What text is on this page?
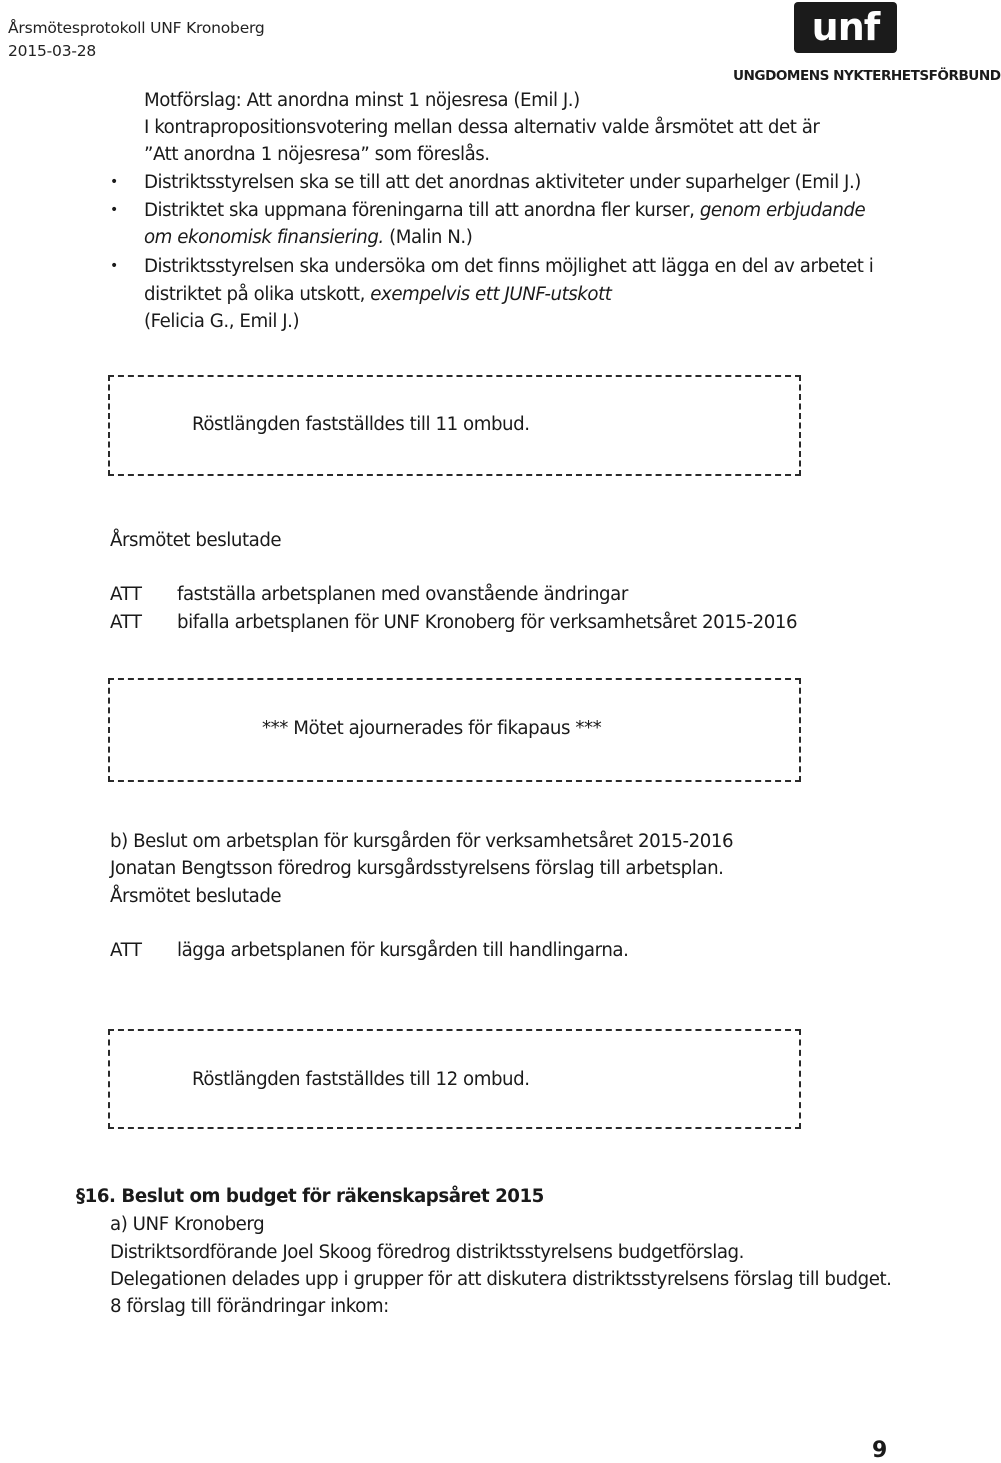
Årsmötesprotokoll UNF Kronoberg
2015-03-28
unf
UNGDOMENS NYKTERHETSFÖRBUND
Motförslag: Att anordna minst 1 nöjesresa (Emil J.)
I kontrapropositionsvotering mellan dessa alternativ valde årsmötet att det är
”Att anordna 1 nöjesresa” som föreslås.
• Distriktsstyrelsen ska se till att det anordnas aktiviteter under suparhelger (Emil J.)
• Distriktet ska uppmana föreningarna till att anordna fler kurser, genom erbjudande
om ekonomisk finansiering. (Malin N.)
• Distriktsstyrelsen ska undersöka om det finns möjlighet att lägga en del av arbetet i
distriktet på olika utskott, exempelvis ett JUNF-utskott
(Felicia G., Emil J.)
Röstlängden fastställdes till 11 ombud.
Årsmötet beslutade
ATT fastställa arbetsplanen med ovanstående ändringar
ATT bifalla arbetsplanen för UNF Kronoberg för verksamhetsåret 2015-2016
*** Mötet ajournerades för fikapaus ***
b) Beslut om arbetsplan för kursgården för verksamhetsåret 2015-2016
Jonatan Bengtsson föredrog kursgårdsstyrelsens förslag till arbetsplan.
Årsmötet beslutade
ATT lägga arbetsplanen för kursgården till handlingarna.
Röstlängden fastställdes till 12 ombud.
§16. Beslut om budget för räkenskapsåret 2015
a) UNF Kronoberg
Distriktsordförande Joel Skoog föredrog distriktsstyrelsens budgetförslag.
Delegationen delades upp i grupper för att diskutera distriktsstyrelsens förslag till budget.
8 förslag till förändringar inkom:
9
